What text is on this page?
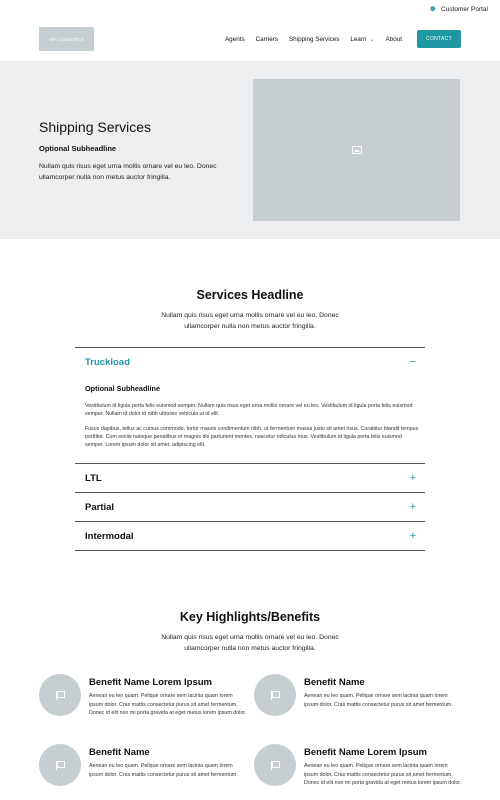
☻ Customer Portal
SPI LOGISTICS	Agents Carriers Shipping Services Learn ⌄ About	CONTACT
Shipping Services
Optional Subheadline

Nullam quis risus eget urna mollis ornare vel eu leo. Donec ullamcorper nulla non metus auctor fringilla.

Services Headline

Nullam quis risus eget urna mollis ornare vel eu leo. Donec ullamcorper nulla non metus auctor fringilla.

Truckload	−
Optional Subheadline

Vestibulum id ligula porta felis euismod semper. Nullam quis risus eget urna mollis ornare vel eu leo. Vestibulum id ligula porta felis euismod semper. Nullam id dolor id nibh ultricies vehicula ut id elit.

Fusce dapibus, tellus ac cursus commodo, tortor mauris condimentum nibh, ut fermentum massa justo sit amet risus. Curabitur blandit tempus porttitor. Cum sociis natoque penatibus et magnis dis parturient montes, nascetur ridiculus mus. Vestibulum id ligula porta felis euismod semper. Lorem ipsum dolor sit amet, adipiscing elit.

LTL	+
Partial	+
Intermodal	+
Key Highlights/Benefits

Nullam quis risus eget urna mollis ornare vel eu leo. Donec ullamcorper nulla non metus auctor fringilla.

Benefit Name Lorem Ipsum
Aenean eu leo quam. Pellque ornare sem lacinia quam lorem ipsum dolor. Cras mattis consectetur purus sit amet fermentum. Donec id elit non mi porta gravida at eget metus lorem ipsum dolor.
Benefit Name
Aenean eu leo quam. Pellque ornare sem lacinia quam lorem ipsum dolor. Cras mattis consectetur purus sit amet fermentum.
Benefit Name
Aenean eu leo quam. Pellque ornare sem lacinia quam lorem ipsum dolor. Cras mattis consectetur purus sit amet fermentum.
Benefit Name Lorem Ipsum
Aenean eu leo quam. Pellque ornare sem lacinia quam lorem ipsum dolor. Cras mattis consectetur purus sit amet fermentum. Donec id elit non mi porta gravida at eget metus lorem ipsum dolor.
